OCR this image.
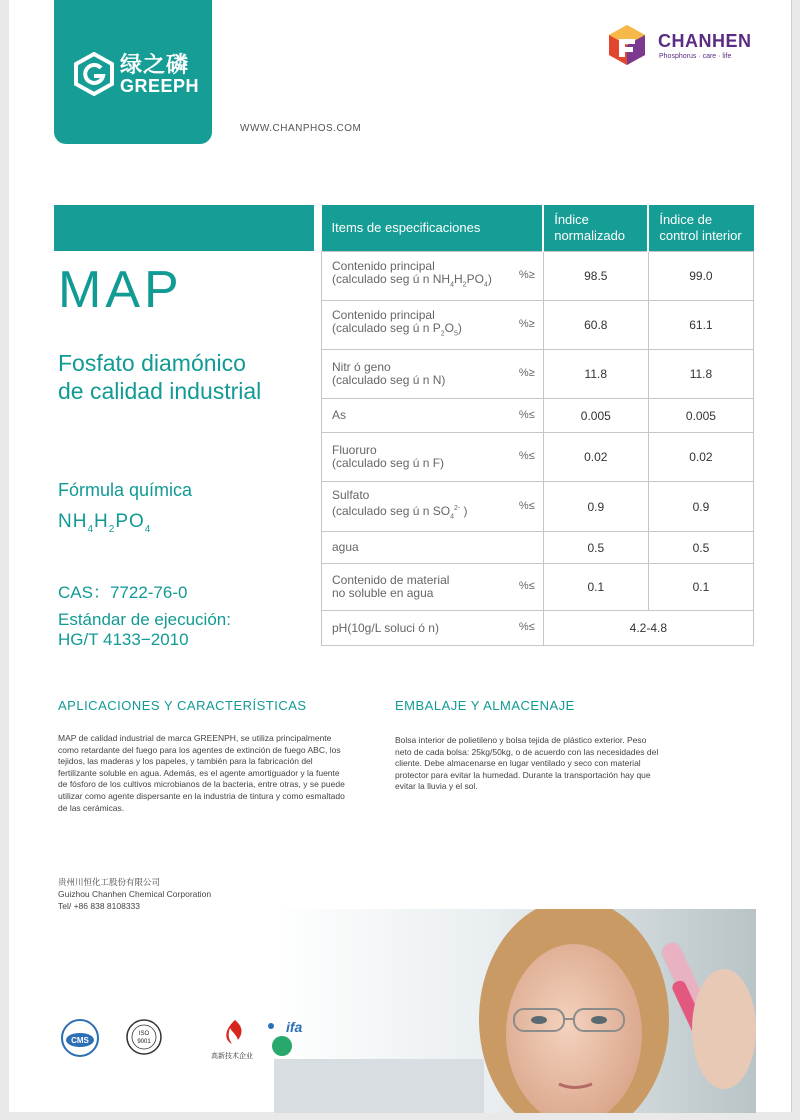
绿之磷
GREEPH
WWW.CHANPHOS.COM
CHANHEN
Phosphorus · care · life
MAP
Fosfato diamónico
de calidad industrial
Fórmula química
$NH_4H_2PO_4$
CAS：7722-76-0
Estándar de ejecución:
HG/T 4133−2010
Items de especificaciones	Índice normalizado	Índice de control interior

Contenido principal
(calculado seg ú n $NH_4H_2PO_4$) %≥	98.5	99.0

Contenido principal
(calculado seg ú n $P_2O_5$) %≥	60.8	61.1

Nitr ó geno
(calculado seg ú n N) %≥	11.8	11.8

As %≤	0.005	0.005

Fluoruro
(calculado seg ú n F) %≤	0.02	0.02

Sulfato
(calculado seg ú n $SO_4^{2-}$ ) %≤	0.9	0.9

agua	0.5	0.5

Contenido de material
no soluble en agua %≤	0.1	0.1

pH(10g/L soluci ó n) %≤	4.2-4.8	
APLICACIONES Y CARACTERÍSTICAS
MAP de calidad industrial de marca GREENPH, se utiliza principalmente como retardante del fuego para los agentes de extinción de fuego ABC, los tejidos, las maderas y los papeles, y también para la fabricación del fertilizante soluble en agua. Además, es el agente amortiguador y la fuente de fósforo de los cultivos microbianos de la bacteria, entre otras, y se puede utilizar como agente dispersante en la industria de tintura y como esmaltado de las cerámicas.
EMBALAJE Y ALMACENAJE
Bolsa interior de polietileno y bolsa tejida de plástico exterior. Peso neto de cada bolsa: 25kg/50kg, o de acuerdo con las necesidades del cliente. Debe almacenarse en lugar ventilado y seco con material protector para evitar la humedad. Durante la transportación hay que evitar la lluvia y el sol.
贵州川恒化工股份有限公司
Guizhou Chanhen Chemical Corporation
Tel/ +86 838 8108333
CMS
ISO
9001
高新技术企业
ifa
